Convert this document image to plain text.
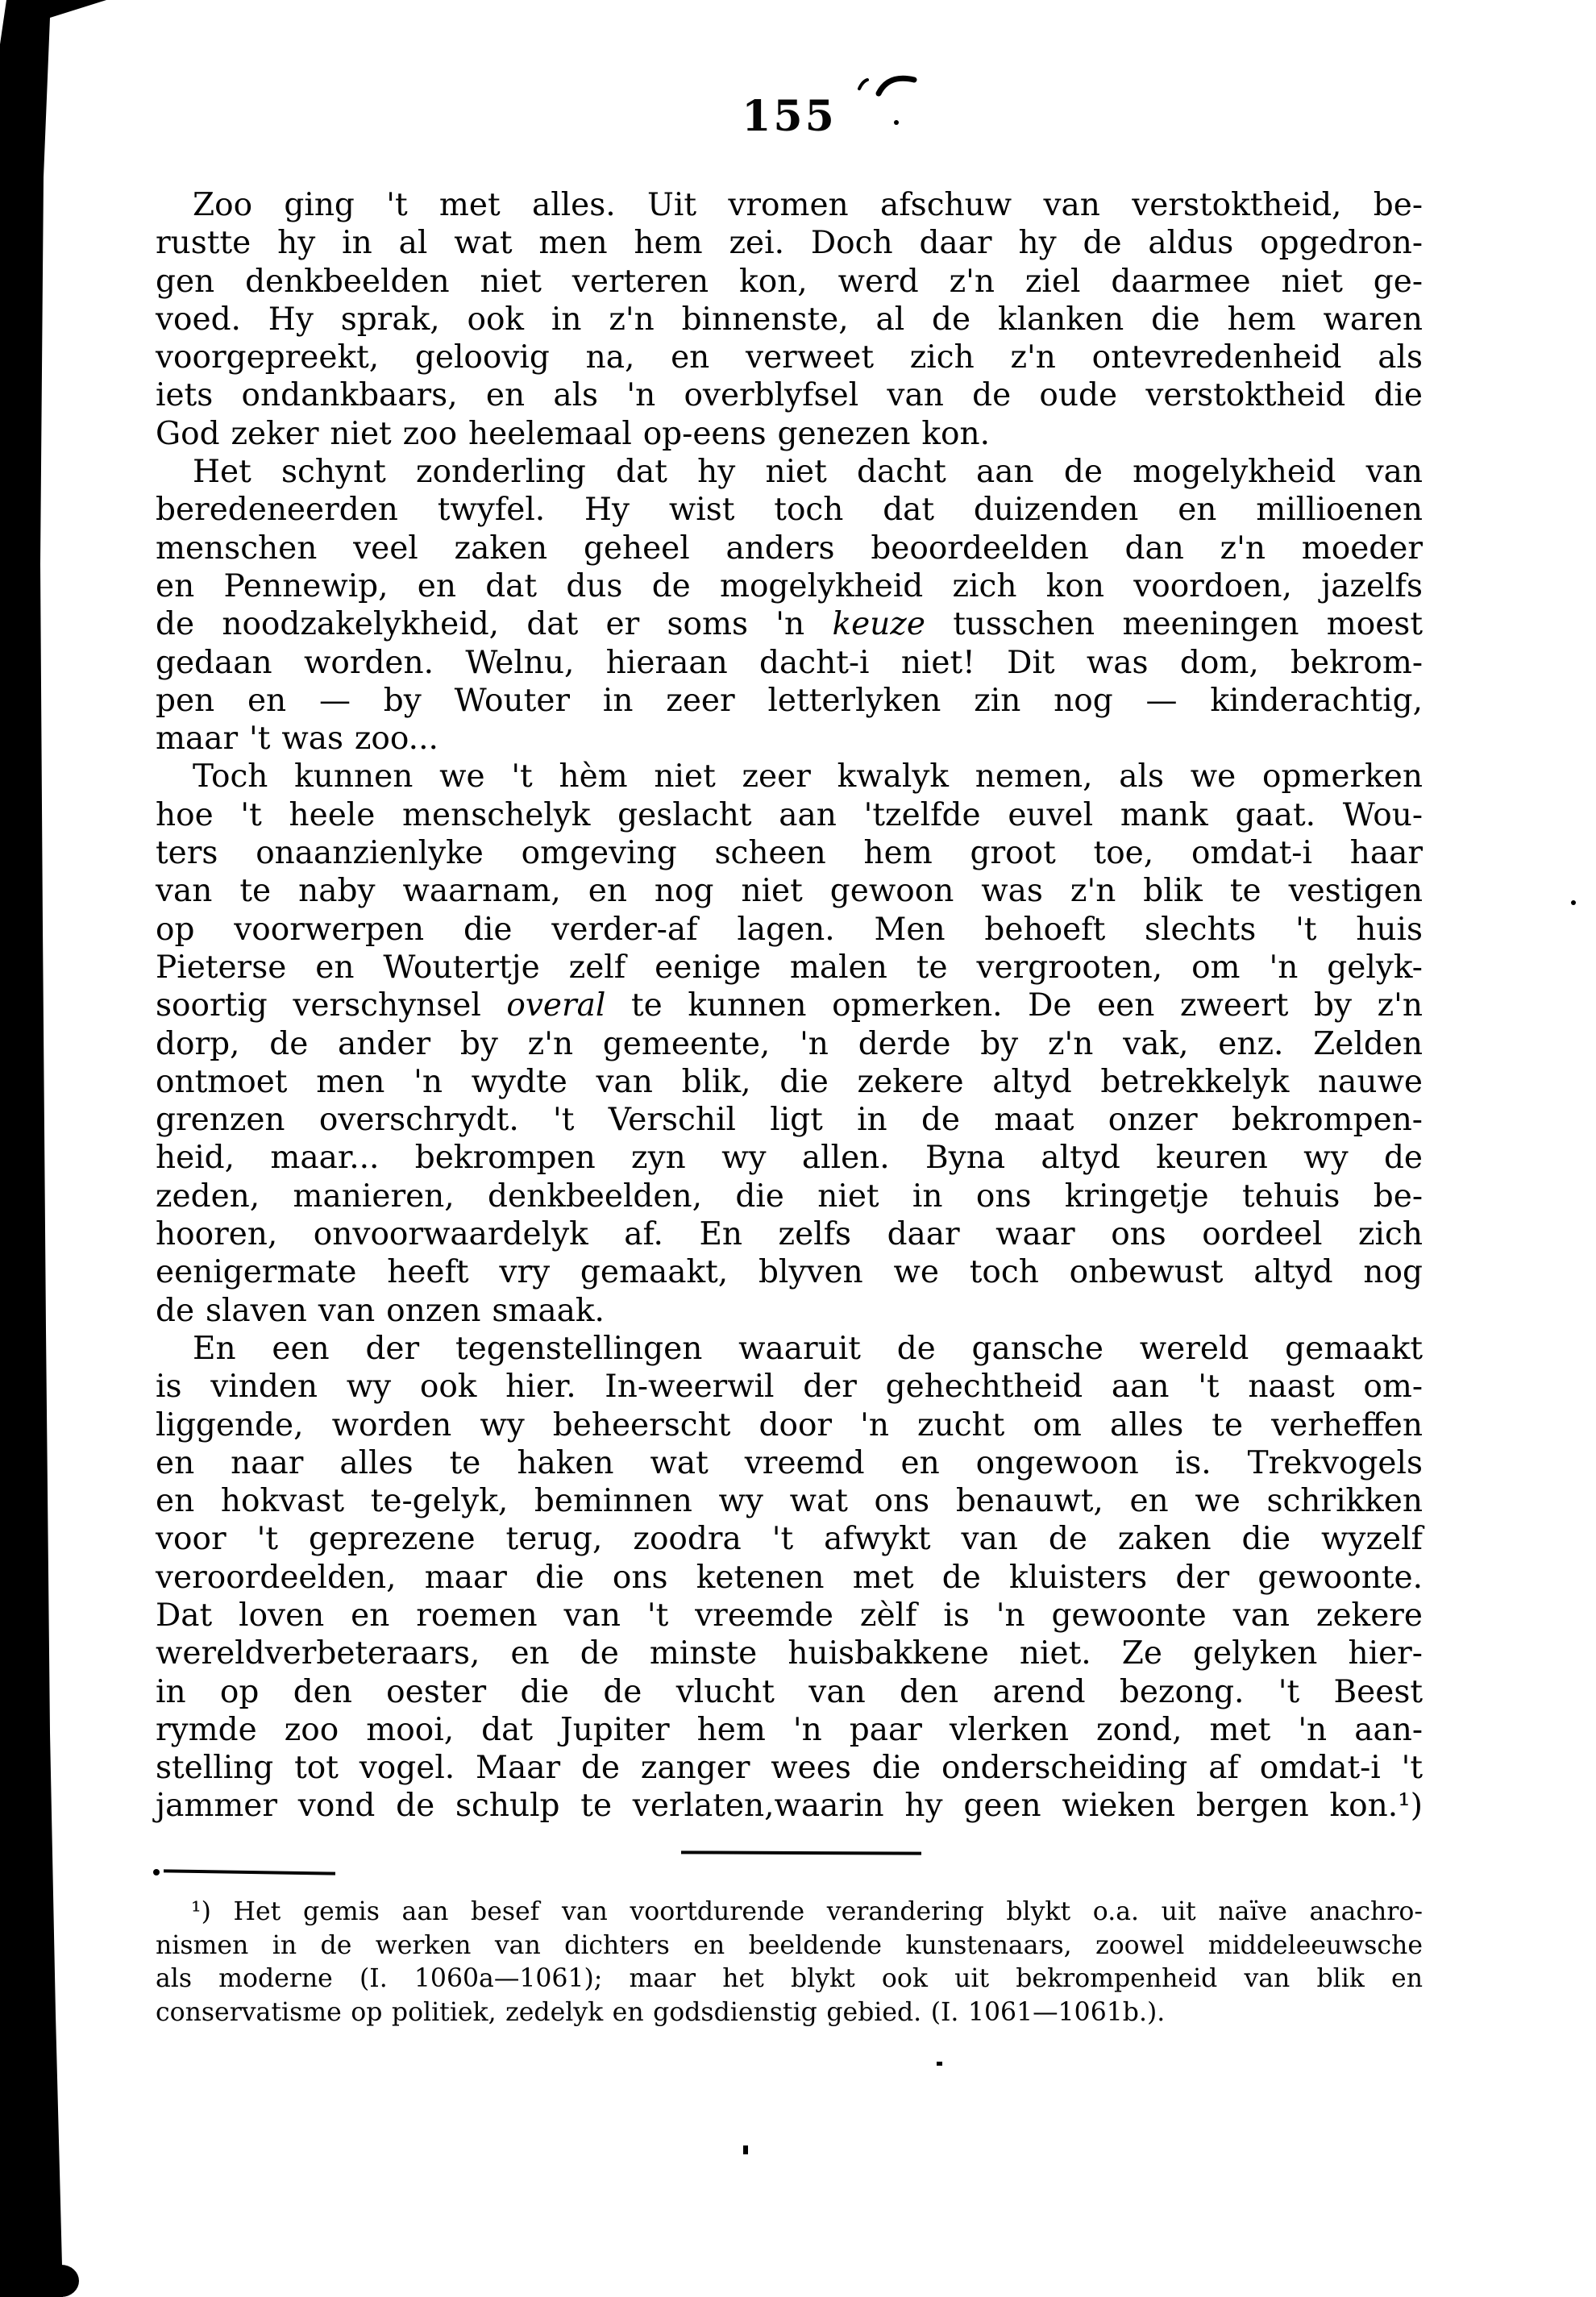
155
Zoo ging 't met alles. Uit vromen afschuw van verstoktheid, be-
rustte hy in al wat men hem zei. Doch daar hy de aldus opgedron-
gen denkbeelden niet verteren kon, werd z'n ziel daarmee niet ge-
voed. Hy sprak, ook in z'n binnenste, al de klanken die hem waren
voorgepreekt, geloovig na, en verweet zich z'n ontevredenheid als
iets ondankbaars, en als 'n overblyfsel van de oude verstoktheid die
God zeker niet zoo heelemaal op-eens genezen kon.
Het schynt zonderling dat hy niet dacht aan de mogelykheid van
beredeneerden twyfel. Hy wist toch dat duizenden en millioenen
menschen veel zaken geheel anders beoordeelden dan z'n moeder
en Pennewip, en dat dus de mogelykheid zich kon voordoen, jazelfs
de noodzakelykheid, dat er soms 'n keuze tusschen meeningen moest
gedaan worden. Welnu, hieraan dacht-i niet! Dit was dom, bekrom-
pen en — by Wouter in zeer letterlyken zin nog — kinderachtig,
maar 't was zoo...
Toch kunnen we 't hèm niet zeer kwalyk nemen, als we opmerken
hoe 't heele menschelyk geslacht aan 'tzelfde euvel mank gaat. Wou-
ters onaanzienlyke omgeving scheen hem groot toe, omdat-i haar
van te naby waarnam, en nog niet gewoon was z'n blik te vestigen
op voorwerpen die verder-af lagen. Men behoeft slechts 't huis
Pieterse en Woutertje zelf eenige malen te vergrooten, om 'n gelyk-
soortig verschynsel overal te kunnen opmerken. De een zweert by z'n
dorp, de ander by z'n gemeente, 'n derde by z'n vak, enz. Zelden
ontmoet men 'n wydte van blik, die zekere altyd betrekkelyk nauwe
grenzen overschrydt. 't Verschil ligt in de maat onzer bekrompen-
heid, maar... bekrompen zyn wy allen. Byna altyd keuren wy de
zeden, manieren, denkbeelden, die niet in ons kringetje tehuis be-
hooren, onvoorwaardelyk af. En zelfs daar waar ons oordeel zich
eenigermate heeft vry gemaakt, blyven we toch onbewust altyd nog
de slaven van onzen smaak.
En een der tegenstellingen waaruit de gansche wereld gemaakt
is vinden wy ook hier. In-weerwil der gehechtheid aan 't naast om-
liggende, worden wy beheerscht door 'n zucht om alles te verheffen
en naar alles te haken wat vreemd en ongewoon is. Trekvogels
en hokvast te-gelyk, beminnen wy wat ons benauwt, en we schrikken
voor 't geprezene terug, zoodra 't afwykt van de zaken die wyzelf
veroordeelden, maar die ons ketenen met de kluisters der gewoonte.
Dat loven en roemen van 't vreemde zèlf is 'n gewoonte van zekere
wereldverbeteraars, en de minste huisbakkene niet. Ze gelyken hier-
in op den oester die de vlucht van den arend bezong. 't Beest
rymde zoo mooi, dat Jupiter hem 'n paar vlerken zond, met 'n aan-
stelling tot vogel. Maar de zanger wees die onderscheiding af omdat-i 't
jammer vond de schulp te verlaten,waarin hy geen wieken bergen kon.¹)
¹) Het gemis aan besef van voortdurende verandering blykt o.a. uit naïve anachro-
nismen in de werken van dichters en beeldende kunstenaars, zoowel middeleeuwsche
als moderne (I. 1060a—1061); maar het blykt ook uit bekrompenheid van blik en
conservatisme op politiek, zedelyk en godsdienstig gebied. (I. 1061—1061b.).
